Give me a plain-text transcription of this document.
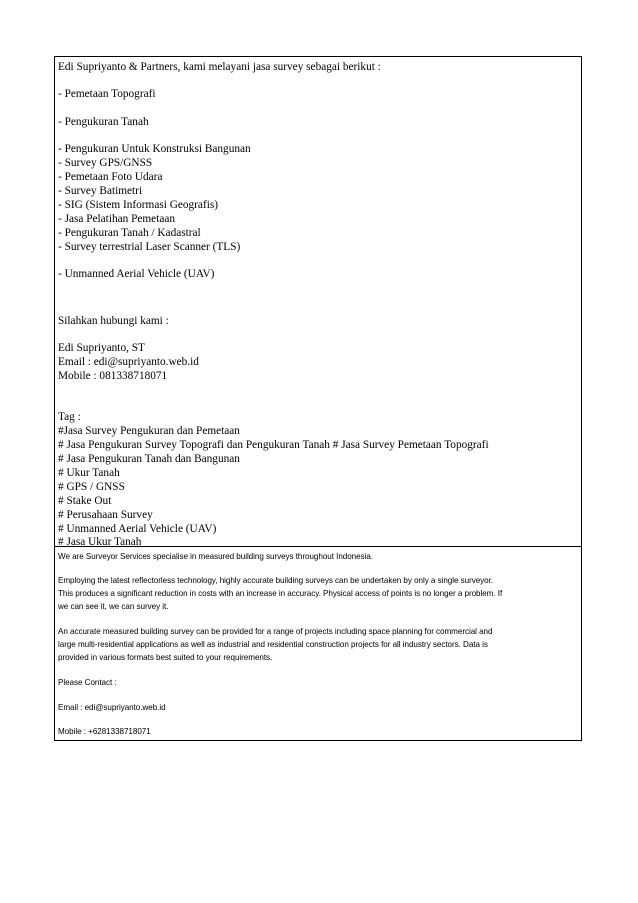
Edi Supriyanto & Partners, kami melayani jasa survey sebagai berikut :
- Pemetaan Topografi
- Pengukuran Tanah
- Pengukuran Untuk Konstruksi Bangunan
- Survey GPS/GNSS
- Pemetaan Foto Udara
- Survey Batimetri
- SIG (Sistem Informasi Geografis)
- Jasa Pelatihan Pemetaan
- Pengukuran Tanah / Kadastral
- Survey terrestrial Laser Scanner (TLS)
- Unmanned Aerial Vehicle (UAV)
Silahkan hubungi kami :
Edi Supriyanto, ST
Email : edi@supriyanto.web.id
Mobile : 081338718071
Tag :
#Jasa Survey Pengukuran dan Pemetaan
# Jasa Pengukuran Survey Topografi dan Pengukuran Tanah # Jasa Survey Pemetaan Topografi
# Jasa Pengukuran Tanah dan Bangunan
# Ukur Tanah
# GPS / GNSS
# Stake Out
# Perusahaan Survey
# Unmanned Aerial Vehicle (UAV)
# Jasa Ukur Tanah
We are Surveyor Services specialise in measured building surveys throughout Indonesia.
Employing the latest reflectorless technology, highly accurate building surveys can be undertaken by only a single surveyor.
This produces a significant reduction in costs with an increase in accuracy. Physical access of points is no longer a problem. If
we can see it, we can survey it.
An accurate measured building survey can be provided for a range of projects including space planning for commercial and
large multi-residential applications as well as industrial and residential construction projects for all industry sectors. Data is
provided in various formats best suited to your requirements.
Please Contact :
Email : edi@supriyanto.web.id
Mobile : +6281338718071
